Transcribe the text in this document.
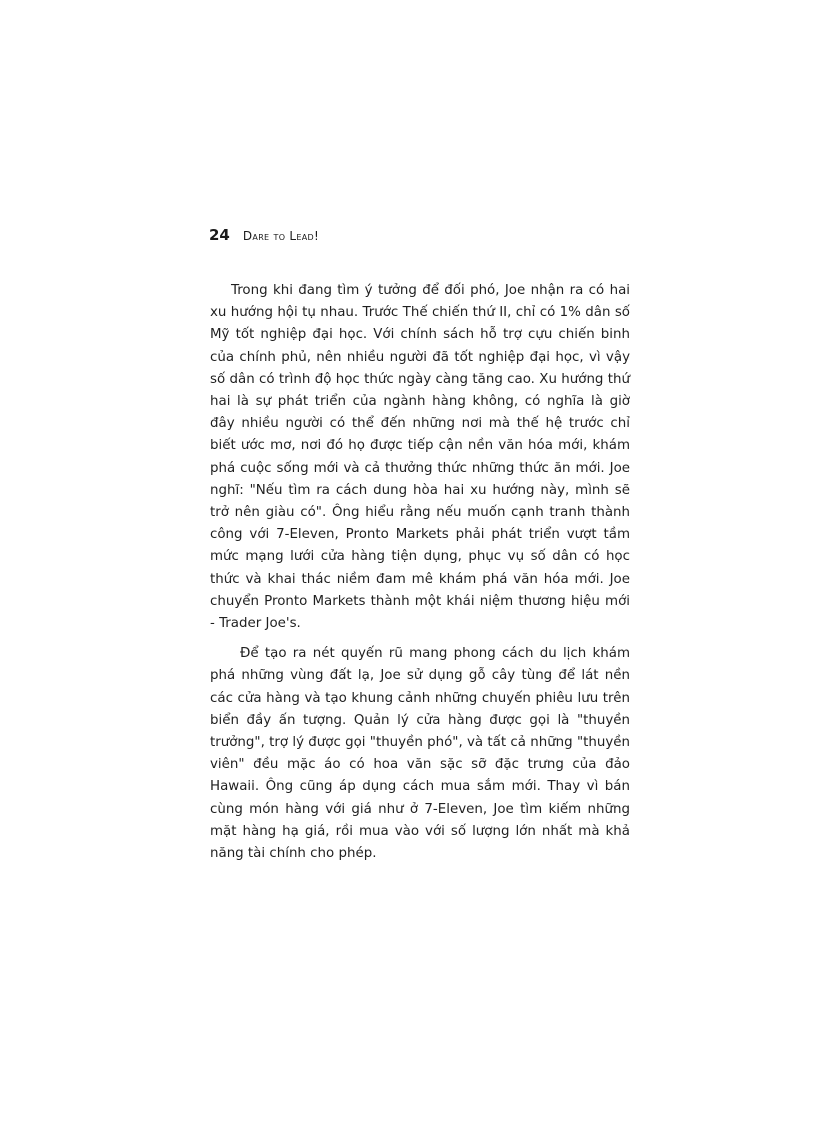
24 Dare to Lead!

Trong khi đang tìm ý tưởng để đối phó, Joe nhận ra có hai xu hướng hội tụ nhau. Trước Thế chiến thứ II, chỉ có 1% dân số Mỹ tốt nghiệp đại học. Với chính sách hỗ trợ cựu chiến binh của chính phủ, nên nhiều người đã tốt nghiệp đại học, vì vậy số dân có trình độ học thức ngày càng tăng cao. Xu hướng thứ hai là sự phát triển của ngành hàng không, có nghĩa là giờ đây nhiều người có thể đến những nơi mà thế hệ trước chỉ biết ước mơ, nơi đó họ được tiếp cận nền văn hóa mới, khám phá cuộc sống mới và cả thưởng thức những thức ăn mới. Joe nghĩ: "Nếu tìm ra cách dung hòa hai xu hướng này, mình sẽ trở nên giàu có". Ông hiểu rằng nếu muốn cạnh tranh thành công với 7-Eleven, Pronto Markets phải phát triển vượt tầm mức mạng lưới cửa hàng tiện dụng, phục vụ số dân có học thức và khai thác niềm đam mê khám phá văn hóa mới. Joe chuyển Pronto Markets thành một khái niệm thương hiệu mới - Trader Joe's.

Để tạo ra nét quyến rũ mang phong cách du lịch khám phá những vùng đất lạ, Joe sử dụng gỗ cây tùng để lát nền các cửa hàng và tạo khung cảnh những chuyến phiêu lưu trên biển đầy ấn tượng. Quản lý cửa hàng được gọi là "thuyền trưởng", trợ lý được gọi "thuyền phó", và tất cả những "thuyền viên" đều mặc áo có hoa văn sặc sỡ đặc trưng của đảo Hawaii. Ông cũng áp dụng cách mua sắm mới. Thay vì bán cùng món hàng với giá như ở 7-Eleven, Joe tìm kiếm những mặt hàng hạ giá, rồi mua vào với số lượng lớn nhất mà khả năng tài chính cho phép.
